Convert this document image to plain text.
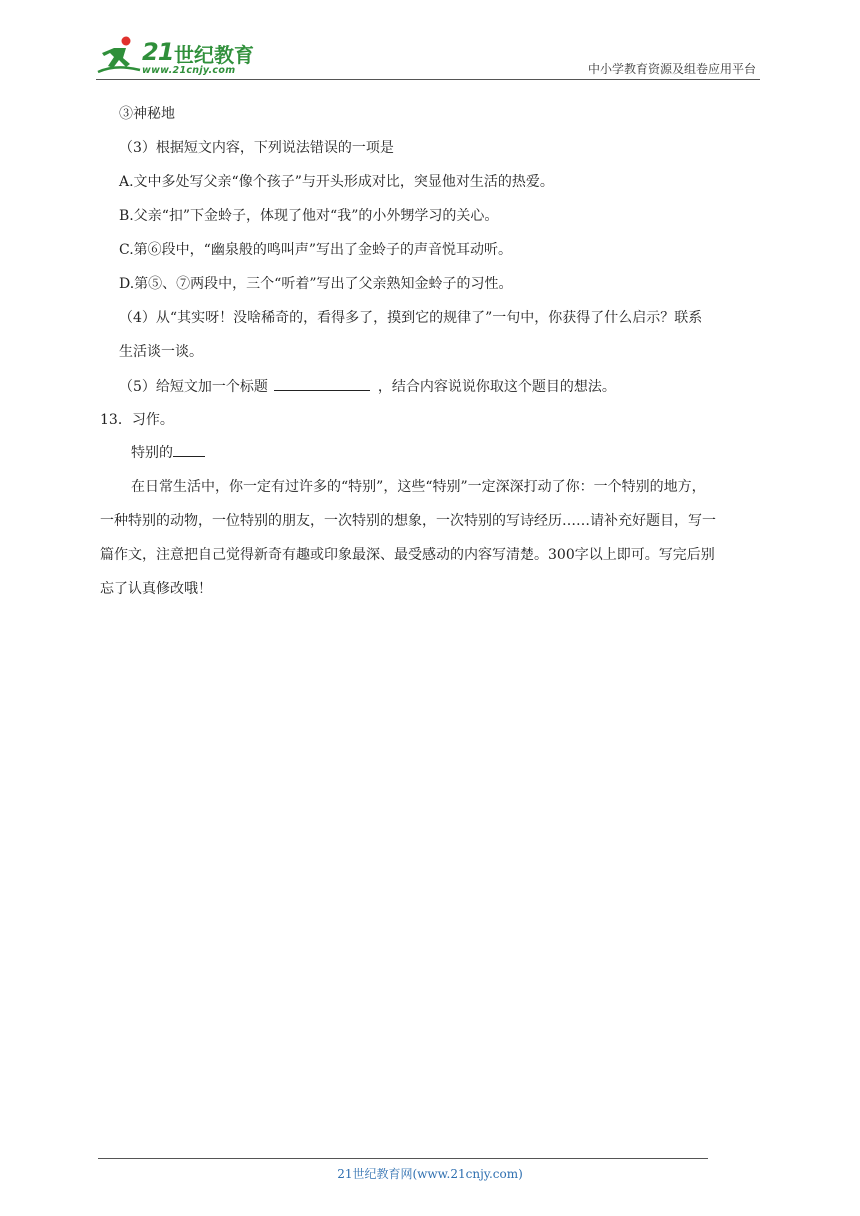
21 世纪教育
www.21cnjy.com	中小学教育资源及组卷应用平台
③神秘地
（3）根据短文内容，下列说法错误的一项是
A.文中多处写父亲“像个孩子”与开头形成对比，突显他对生活的热爱。
B.父亲“扣”下金蛉子，体现了他对“我”的小外甥学习的关心。
C.第⑥段中，“幽泉般的鸣叫声”写出了金蛉子的声音悦耳动听。
D.第⑤、⑦两段中，三个“听着”写出了父亲熟知金蛉子的习性。
（4）从“其实呀！没啥稀奇的，看得多了，摸到它的规律了”一句中，你获得了什么启示？联系
生活谈一谈。
（5）给短文加一个标题	，结合内容说说你取这个题目的想法。
13．习作。
特别的
在日常生活中，你一定有过许多的“特别”，这些“特别”一定深深打动了你：一个特别的地方，
一种特别的动物，一位特别的朋友，一次特别的想象，一次特别的写诗经历……请补充好题目，写一
篇作文，注意把自己觉得新奇有趣或印象最深、最受感动的内容写清楚。300字以上即可。写完后别
忘了认真修改哦！
21世纪教育网(www.21cnjy.com)
